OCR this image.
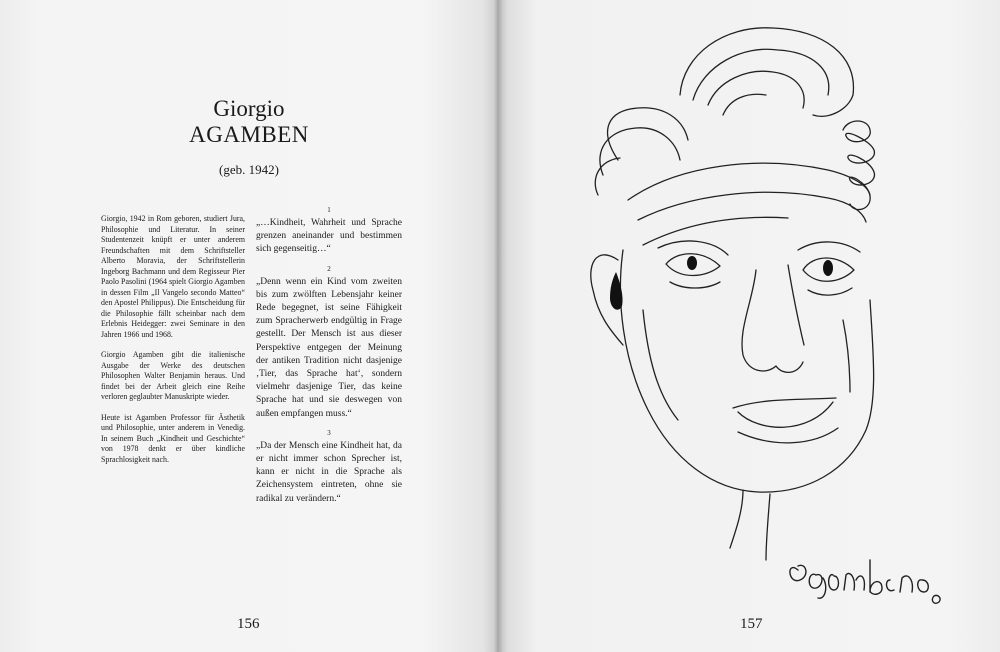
Giorgio

AGAMBEN

(geb. 1942)

Giorgio, 1942 in Rom geboren, studiert Jura, Philosophie und Literatur. In seiner Studentenzeit knüpft er unter anderem Freundschaften mit dem Schriftsteller Alberto Moravia, der Schriftstellerin Ingeborg Bachmann und dem Regisseur Pier Paolo Pasolini (1964 spielt Giorgio Agamben in dessen Film „Il Vangelo secondo Matteo“ den Apostel Philippus). Die Entscheidung für die Philosophie fällt scheinbar nach dem Erlebnis Heidegger: zwei Seminare in den Jahren 1966 und 1968.

Giorgio Agamben gibt die italienische Ausgabe der Werke des deutschen Philosophen Walter Benjamin heraus. Und findet bei der Arbeit gleich eine Reihe verloren geglaubter Manuskripte wieder.

Heute ist Agamben Professor für Ästhetik und Philosophie, unter anderem in Venedig. In seinem Buch „Kindheit und Geschichte“ von 1978 denkt er über kindliche Sprachlosigkeit nach.

1

„…Kindheit, Wahrheit und Sprache grenzen aneinander und bestimmen sich gegenseitig…“

2

„Denn wenn ein Kind vom zweiten bis zum zwölften Lebensjahr keiner Rede begegnet, ist seine Fähigkeit zum Spracherwerb endgültig in Frage gestellt. Der Mensch ist aus dieser Perspektive entgegen der Meinung der antiken Tradition nicht dasjenige ‚Tier, das Sprache hat‘, sondern vielmehr dasjenige Tier, das keine Sprache hat und sie deswegen von außen empfangen muss.“

3

„Da der Mensch eine Kindheit hat, da er nicht immer schon Sprecher ist, kann er nicht in die Sprache als Zeichensystem eintreten, ohne sie radikal zu verändern.“

156	157
